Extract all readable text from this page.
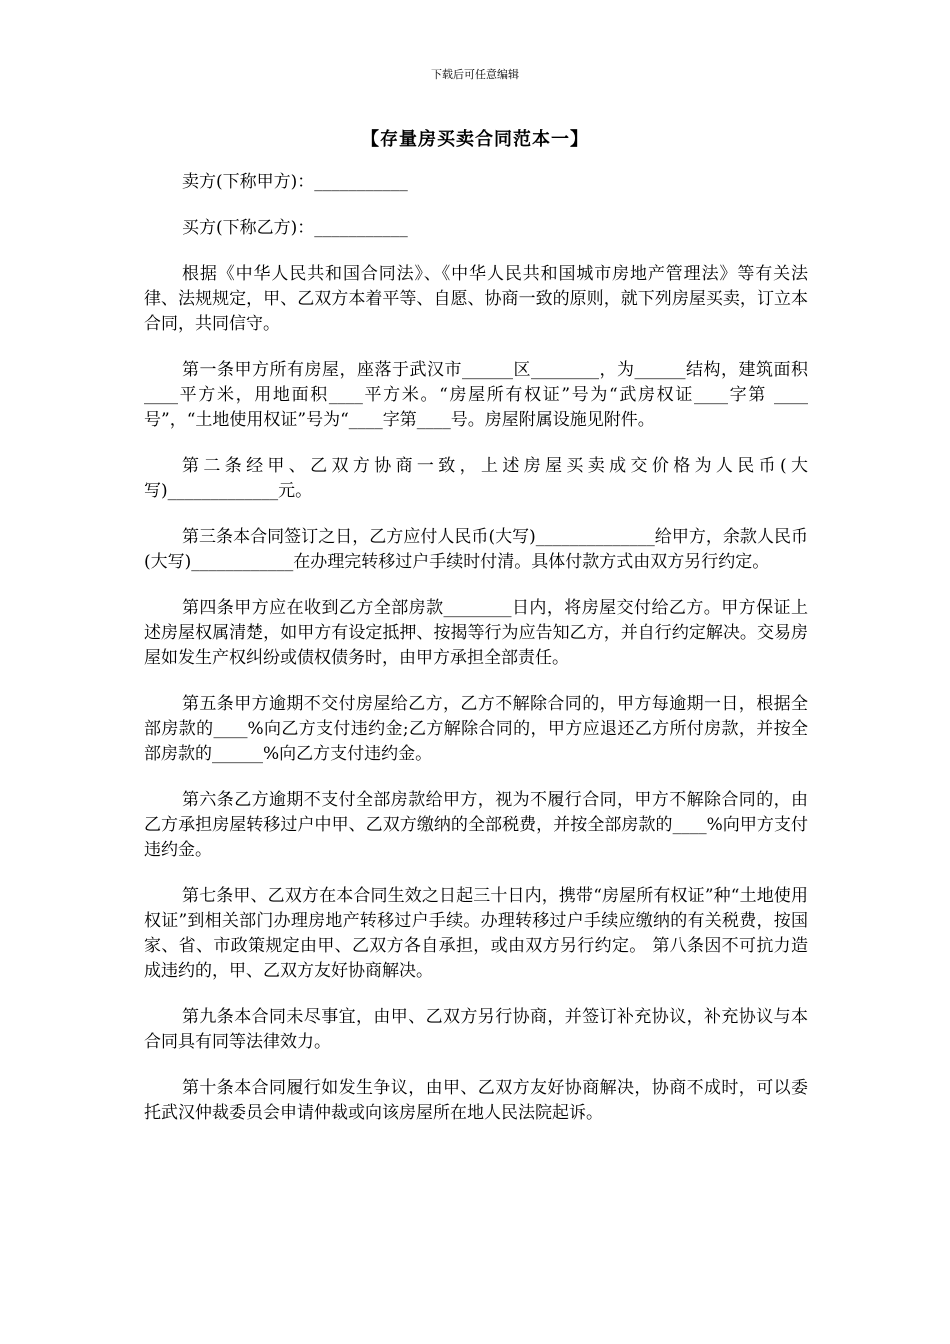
下载后可任意编辑
【存量房买卖合同范本一】

卖方(下称甲方)：___________

买方(下称乙方)：___________

根据《中华人民共和国合同法》、《中华人民共和国城市房地产管理法》等有关法律、法规规定，甲、乙双方本着平等、自愿、协商一致的原则，就下列房屋买卖，订立本合同，共同信守。

第一条甲方所有房屋，座落于武汉市______区________，为______结构，建筑面积____平方米，用地面积____平方米。“房屋所有权证”号为“武房权证____字第 ____号”，“土地使用权证”号为“____字第____号。房屋附属设施见附件。

第二条经甲、乙双方协商一致，上述房屋买卖成交价格为人民币(大写)_____________元。

第三条本合同签订之日，乙方应付人民币(大写)______________给甲方，余款人民币(大写)____________在办理完转移过户手续时付清。具体付款方式由双方另行约定。

第四条甲方应在收到乙方全部房款________日内，将房屋交付给乙方。甲方保证上述房屋权属清楚，如甲方有设定抵押、按揭等行为应告知乙方，并自行约定解决。交易房屋如发生产权纠纷或债权债务时，由甲方承担全部责任。

第五条甲方逾期不交付房屋给乙方，乙方不解除合同的，甲方每逾期一日，根据全部房款的____%向乙方支付违约金;乙方解除合同的，甲方应退还乙方所付房款，并按全部房款的______%向乙方支付违约金。

第六条乙方逾期不支付全部房款给甲方，视为不履行合同，甲方不解除合同的，由乙方承担房屋转移过户中甲、乙双方缴纳的全部税费，并按全部房款的____%向甲方支付违约金。

第七条甲、乙双方在本合同生效之日起三十日内，携带“房屋所有权证”种“土地使用权证”到相关部门办理房地产转移过户手续。办理转移过户手续应缴纳的有关税费，按国家、省、市政策规定由甲、乙双方各自承担，或由双方另行约定。 第八条因不可抗力造成违约的，甲、乙双方友好协商解决。

第九条本合同未尽事宜，由甲、乙双方另行协商，并签订补充协议，补充协议与本合同具有同等法律效力。

第十条本合同履行如发生争议，由甲、乙双方友好协商解决，协商不成时，可以委托武汉仲裁委员会申请仲裁或向该房屋所在地人民法院起诉。
